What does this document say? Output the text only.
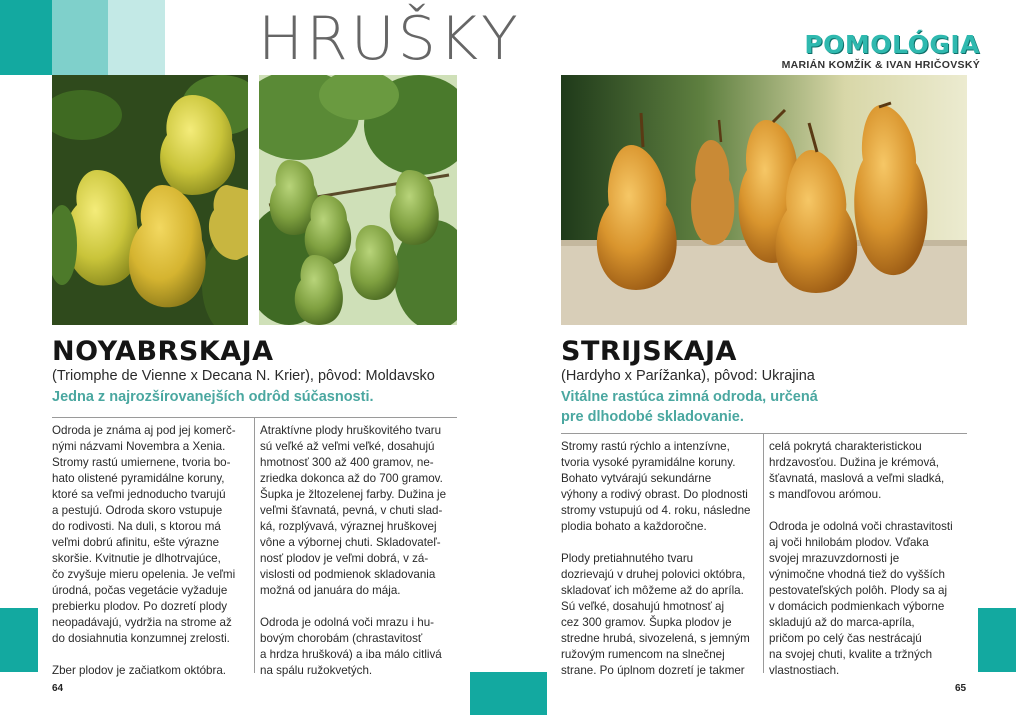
HRUŠKY	POMOLÓGIA
MARIÁN KOMŽÍK & IVAN HRIČOVSKÝ
NOYABRSKAJA
(Triomphe de Vienne x Decana N. Krier), pôvod: Moldavsko
Jedna z najrozšírovanejších odrôd súčasnosti.
Odroda je známa aj pod jej komerč-
nými názvami Novembra a Xenia.
Stromy rastú umiernene, tvoria bo-
hato olistené pyramidálne koruny,
ktoré sa veľmi jednoducho tvarujú
a pestujú. Odroda skoro vstupuje
do rodivosti. Na duli, s ktorou má
veľmi dobrú afinitu, ešte výrazne
skoršie. Kvitnutie je dlhotrvajúce,
čo zvyšuje mieru opelenia. Je veľmi
úrodná, počas vegetácie vyžaduje
prebierku plodov. Po dozretí plody
neopadávajú, vydržia na strome až
do dosiahnutia konzumnej zrelosti.

Zber plodov je začiatkom októbra.
Atraktívne plody hruškovitého tvaru
sú veľké až veľmi veľké, dosahujú
hmotnosť 300 až 400 gramov, ne-
zriedka dokonca až do 700 gramov.
Šupka je žltozelenej farby. Dužina je
veľmi šťavnatá, pevná, v chuti slad-
ká, rozplývavá, výraznej hruškovej
vône a výbornej chuti. Skladovateľ-
nosť plodov je veľmi dobrá, v zá-
vislosti od podmienok skladovania
možná od januára do mája.

Odroda je odolná voči mrazu i hu-
bovým chorobám (chrastavitosť
a hrdza hrušková) a iba málo citlivá
na spálu ružokvetých.
64
STRIJSKAJA
(Hardyho x Parížanka), pôvod: Ukrajina
Vitálne rastúca zimná odroda, určená
pre dlhodobé skladovanie.
Stromy rastú rýchlo a intenzívne,
tvoria vysoké pyramidálne koruny.
Bohato vytvárajú sekundárne
výhony a rodivý obrast. Do plodnosti
stromy vstupujú od 4. roku, následne
plodia bohato a každoročne.

Plody pretiahnutého tvaru
dozrievajú v druhej polovici októbra,
skladovať ich môžeme až do apríla.
Sú veľké, dosahujú hmotnosť aj
cez 300 gramov. Šupka plodov je
stredne hrubá, sivozelená, s jemným
ružovým rumencom na slnečnej
strane. Po úplnom dozretí je takmer
celá pokrytá charakteristickou
hrdzavosťou. Dužina je krémová,
šťavnatá, maslová a veľmi sladká,
s mandľovou arómou.

Odroda je odolná voči chrastavitosti
aj voči hnilobám plodov. Vďaka
svojej mrazuvzdornosti je
výnimočne vhodná tiež do vyšších
pestovateľských polôh. Plody sa aj
v domácich podmienkach výborne
skladujú až do marca-apríla,
pričom po celý čas nestrácajú
na svojej chuti, kvalite a tržných
vlastnostiach.
65
